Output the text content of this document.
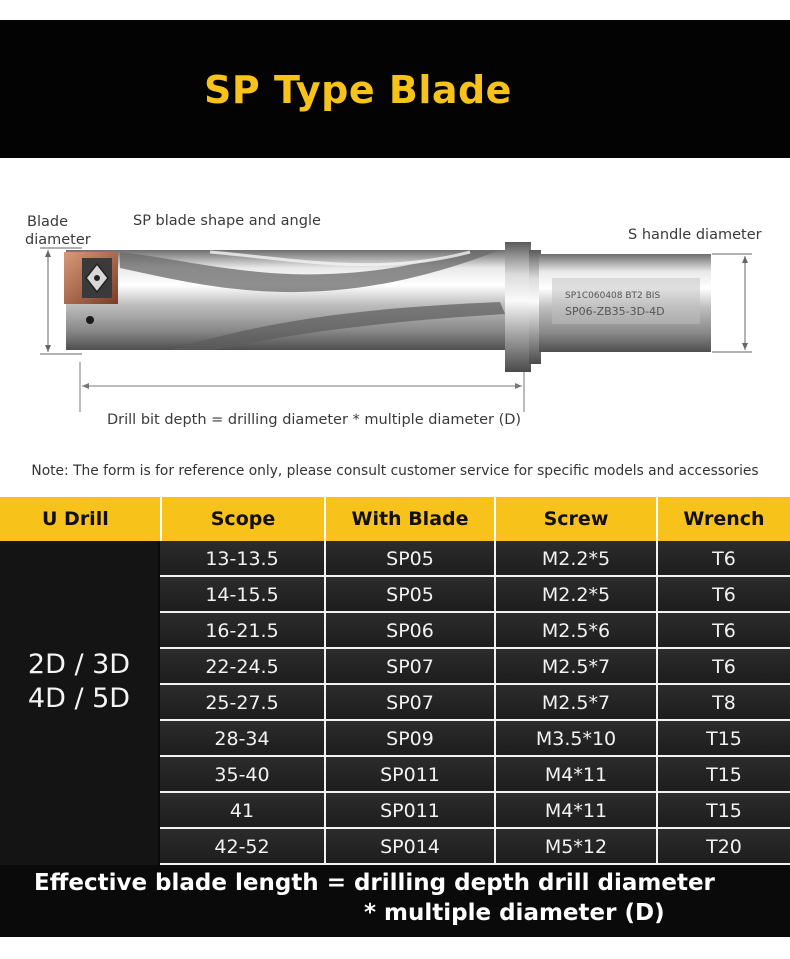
SP Type Blade
Blade
diameter
SP blade shape and angle
S handle diameter
Drill bit depth = drilling diameter * multiple diameter (D)
SP1C060408 BT2 BIS
SP06-ZB35-3D-4D
Note: The form is for reference only, please consult customer service for specific models and accessories
U Drill	Scope	With Blade	Screw	Wrench
2D / 3D
4D / 5D
13-13.5	SP05	M2.2*5	T6
14-15.5	SP05	M2.2*5	T6
16-21.5	SP06	M2.5*6	T6
22-24.5	SP07	M2.5*7	T6
25-27.5	SP07	M2.5*7	T8
28-34	SP09	M3.5*10	T15
35-40	SP011	M4*11	T15
41	SP011	M4*11	T15
42-52	SP014	M5*12	T20
Effective blade length = drilling depth drill diameter
* multiple diameter (D)
